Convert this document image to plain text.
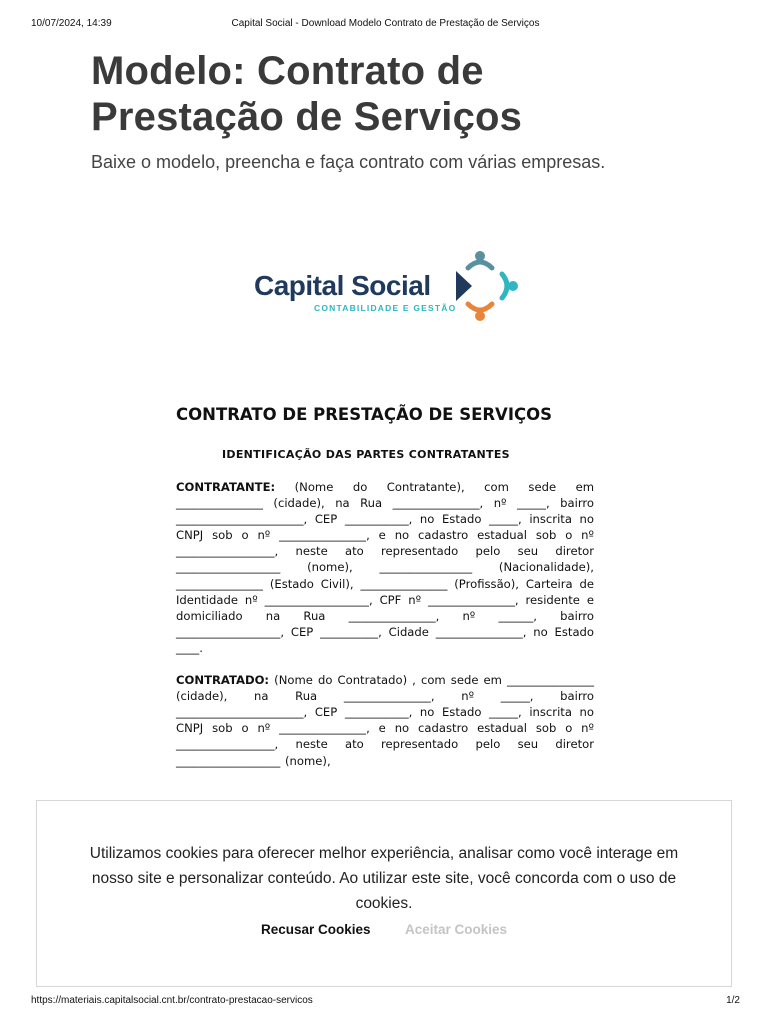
10/07/2024, 14:39	Capital Social - Download Modelo Contrato de Prestação de Serviços
Modelo: Contrato de
Prestação de Serviços
Baixe o modelo, preencha e faça contrato com várias empresas.
Capital Social
CONTABILIDADE E GESTÃO
CONTRATO DE PRESTAÇÃO DE SERVIÇOS
IDENTIFICAÇÃO DAS PARTES CONTRATANTES
CONTRATANTE: (Nome do Contratante), com sede em _______________ (cidade), na Rua _______________, nº _____, bairro ______________________, CEP ___________, no Estado _____, inscrita no CNPJ sob o nº _______________, e no cadastro estadual sob o nº _________________, neste ato representado pelo seu diretor __________________ (nome), ________________ (Nacionalidade), _______________ (Estado Civil), _______________ (Profissão), Carteira de Identidade nº __________________, CPF nº _______________, residente e domiciliado na Rua _______________, nº ______, bairro __________________, CEP __________, Cidade _______________, no Estado ____.
CONTRATADO: (Nome do Contratado) , com sede em _______________ (cidade), na Rua _______________, nº _____, bairro ______________________, CEP ___________, no Estado _____, inscrita no CNPJ sob o nº _______________, e no cadastro estadual sob o nº _________________, neste ato representado pelo seu diretor __________________ (nome),
Utilizamos cookies para oferecer melhor experiência, analisar como você interage em nosso site e personalizar conteúdo. Ao utilizar este site, você concorda com o uso de cookies.
Recusar Cookies	Aceitar Cookies
https://materiais.capitalsocial.cnt.br/contrato-prestacao-servicos	1/2
